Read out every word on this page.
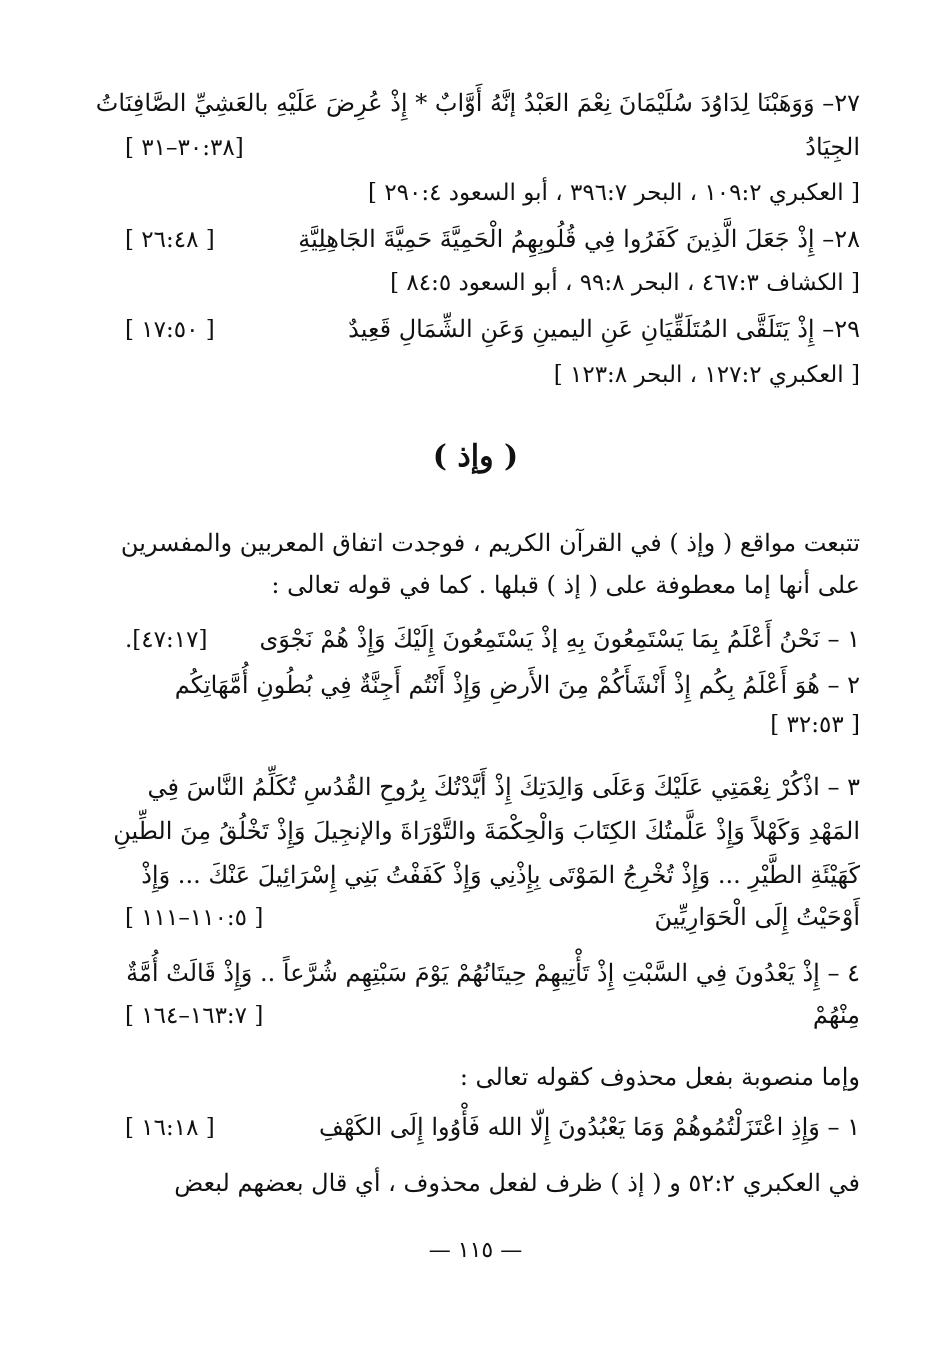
٢٧– وَوَهَبْنَا لِدَاوُدَ سُلَيْمَانَ نِعْمَ العَبْدُ إنَّهُ أَوَّابٌ * إِذْ عُرِضَ عَلَيْهِ بالعَشِيِّ الصَّافِنَاتُ
الجِيَادُ
[٣٠:٣٨–٣١ ]
[ العكبري ١٠٩:٢ ، البحر ٣٩٦:٧ ، أبو السعود ٢٩٠:٤ ]
٢٨– إِذْ جَعَلَ الَّذِينَ كَفَرُوا فِي قُلُوبِهِمُ الْحَمِيَّةَ حَمِيَّةَ الجَاهِلِيَّةِ
[ ٢٦:٤٨ ]
[ الكشاف ٤٦٧:٣ ، البحر ٩٩:٨ ، أبو السعود ٨٤:٥ ]
٢٩– إِذْ يَتَلَقَّى المُتَلَقِّيَانِ عَنِ اليمينِ وَعَنِ الشِّمَالِ قَعِيدٌ
[ ١٧:٥٠ ]
[ العكبري ١٢٧:٢ ، البحر ١٢٣:٨ ]
( وإذ )
تتبعت مواقع ( وإذ ) في القرآن الكريم ، فوجدت اتفاق المعربين والمفسرين
على أنها إما معطوفة على ( إذ ) قبلها . كما في قوله تعالى :
١ – نَحْنُ أَعْلَمُ بِمَا يَسْتَمِعُونَ بِهِ إذْ يَسْتَمِعُونَ إِلَيْكَ وَإِذْ هُمْ نَجْوَى
[٤٧:١٧].
٢ – هُوَ أَعْلَمُ بِكُم إِذْ أَنْشَأَكُمْ مِنَ الأَرضِ وَإِذْ أَنْتُم أَجِنَّةٌ فِي بُطُونِ أُمَّهَاتِكُم
[ ٣٢:٥٣ ]
٣ – اذْكُرْ نِعْمَتِي عَلَيْكَ وَعَلَى وَالِدَتِكَ إِذْ أَيَّدْتُكَ بِرُوحِ القُدُسِ تُكَلِّمُ النَّاسَ فِي
المَهْدِ وَكَهْلاً وَإِذْ عَلَّمتُكَ الكِتَابَ وَالْحِكْمَةَ والتَّوْرَاةَ والإنجِيلَ وَإِذْ تَخْلُقُ مِنَ الطِّينِ
كَهَيْئَةِ الطَّيْرِ ... وَإِذْ تُخْرِجُ المَوْتَى بِإِذْنِي وَإِذْ كَفَفْتُ بَنِي إِسْرَائِيلَ عَنْكَ ... وَإِذْ
أَوْحَيْتُ إِلَى الْحَوَارِيِّينَ
[ ١١٠:٥–١١١ ]
٤ – إِذْ يَعْدُونَ فِي السَّبْتِ إِذْ تَأْتِيهِمْ حِيتَانُهُمْ يَوْمَ سَبْتِهِم شُرَّعاً .. وَإِذْ قَالَتْ أُمَّةٌ
مِنْهُمْ
[ ١٦٣:٧–١٦٤ ]
وإما منصوبة بفعل محذوف كقوله تعالى :
١ – وَإِذِ اعْتَزَلْتُمُوهُمْ وَمَا يَعْبُدُونَ إِلّا الله فَأْوُوا إِلَى الكَهْفِ
[ ١٦:١٨ ]
في العكبري ٥٢:٢ و ( إذ ) ظرف لفعل محذوف ، أي قال بعضهم لبعض
— ١١٥ —
